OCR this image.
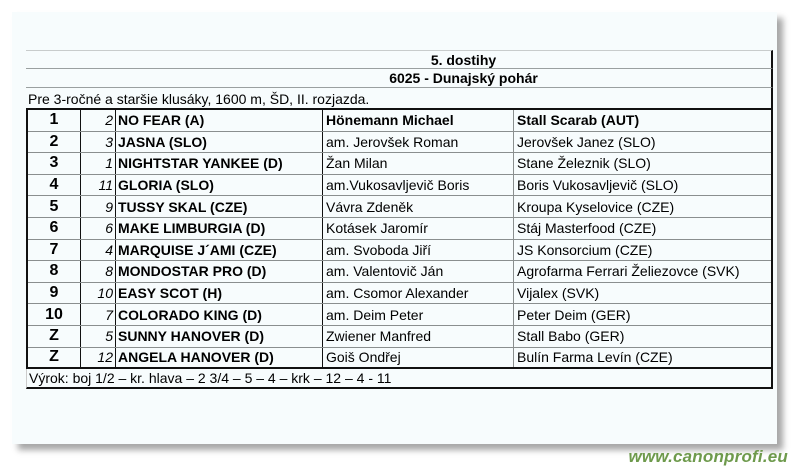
5. dostihy
6025 - Dunajský pohár
Pre 3-ročné a staršie klusáky, 1600 m, ŠD, II. rozjazda.
1	2 NO FEAR (A)	Hönemann Michael	Stall Scarab (AUT)
2	3 JASNA (SLO)	am. Jerovšek Roman	Jerovšek Janez (SLO)
3	1 NIGHTSTAR YANKEE (D)	Žan Milan	Stane Železnik (SLO)
4	11 GLORIA (SLO)	am.Vukosavljevič Boris	Boris Vukosavljevič (SLO)
5	9 TUSSY SKAL (CZE)	Vávra Zdeněk	Kroupa Kyselovice (CZE)
6	6 MAKE LIMBURGIA (D)	Kotásek Jaromír	Stáj Masterfood (CZE)
7	4 MARQUISE J´AMI (CZE)	am. Svoboda Jiří	JS Konsorcium (CZE)
8	8 MONDOSTAR PRO (D)	am. Valentovič Ján	Agrofarma Ferrari Želiezovce (SVK)
9	10 EASY SCOT (H)	am. Csomor Alexander	Vijalex (SVK)
10	7 COLORADO KING (D)	am. Deim Peter	Peter Deim (GER)
Z	5 SUNNY HANOVER (D)	Zwiener Manfred	Stall Babo (GER)
Z	12 ANGELA HANOVER (D)	Goiš Ondřej	Bulín Farma Levín (CZE)
Výrok: boj 1/2 – kr. hlava – 2 3/4 – 5 – 4 – krk – 12 – 4 - 11
www.canonprofi.eu
